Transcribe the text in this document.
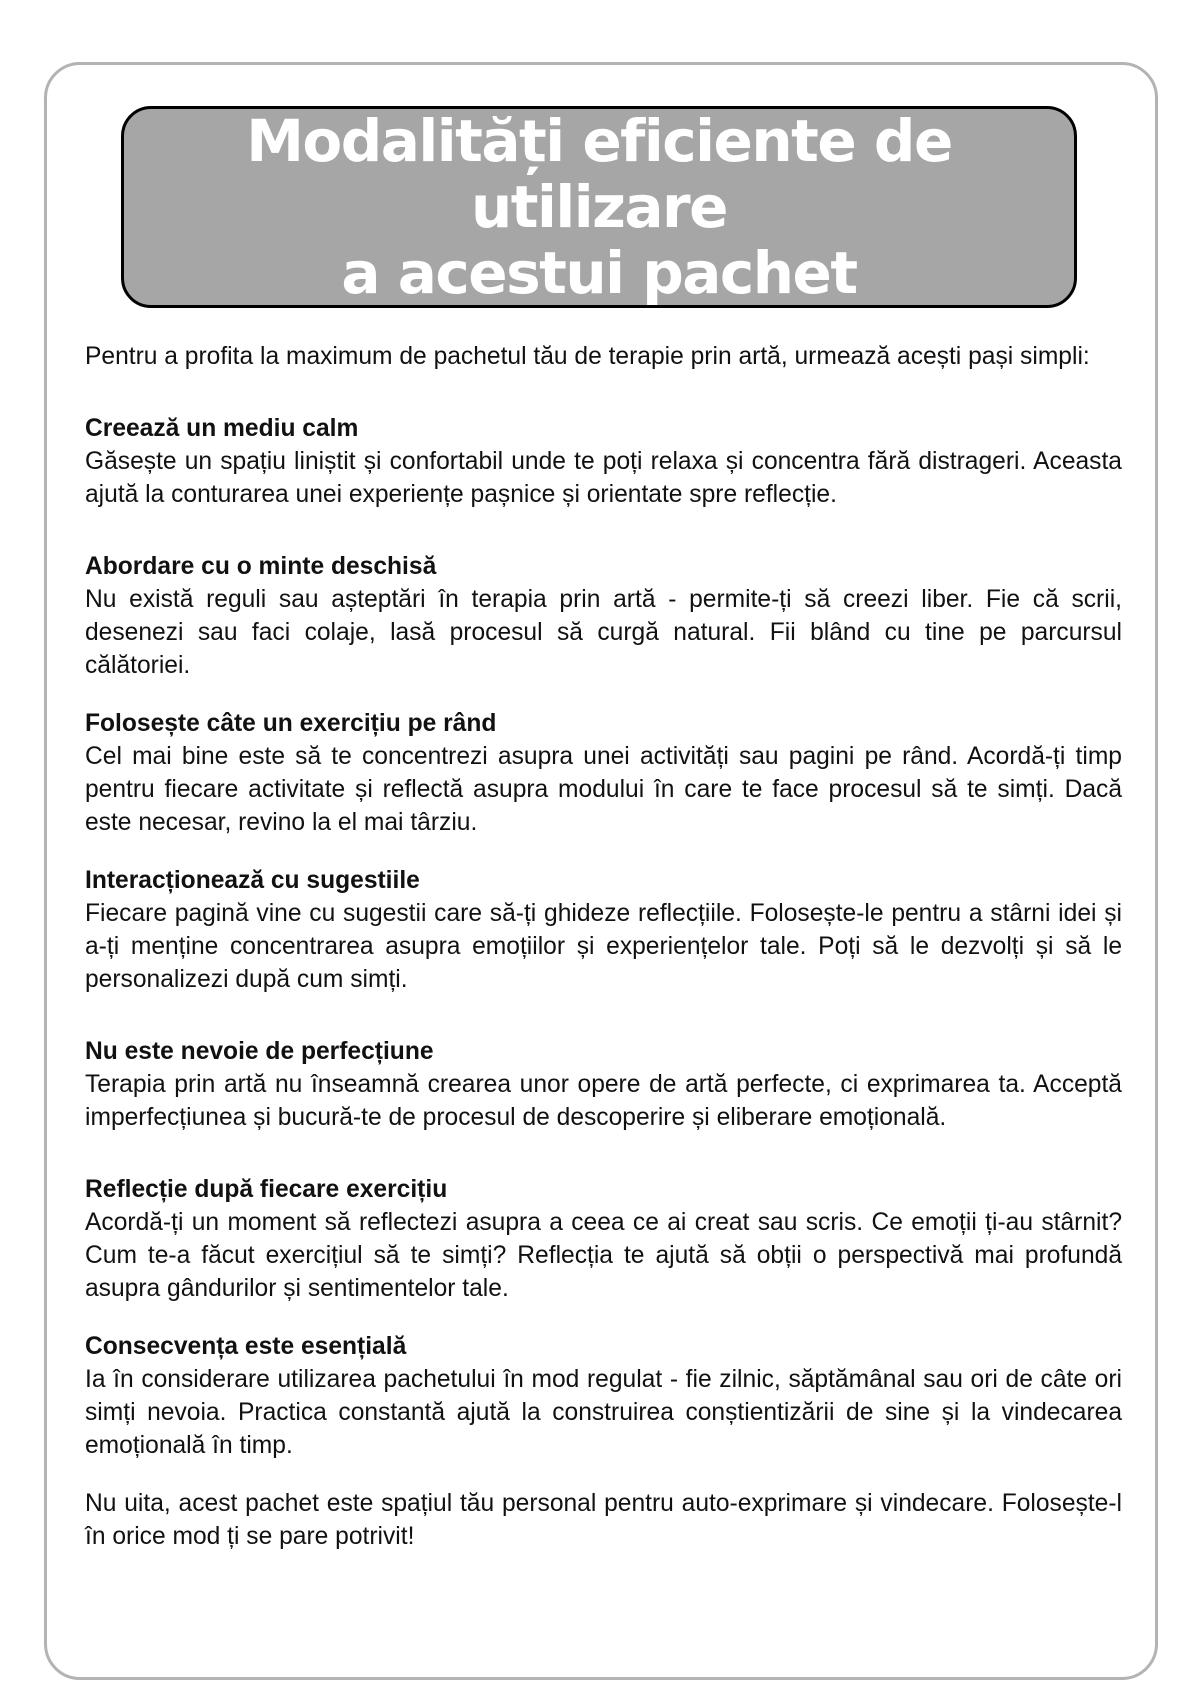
Modalități eficiente de utilizare
a acestui pachet

Pentru a profita la maximum de pachetul tău de terapie prin artă, urmează acești pași simpli:

Creează un mediu calm

Găsește un spațiu liniștit și confortabil unde te poți relaxa și concentra fără distrageri. Aceasta ajută la conturarea unei experiențe pașnice și orientate spre reflecție.

Abordare cu o minte deschisă

Nu există reguli sau așteptări în terapia prin artă - permite-ți să creezi liber. Fie că scrii, desenezi sau faci colaje, lasă procesul să curgă natural. Fii blând cu tine pe parcursul călătoriei.

Folosește câte un exercițiu pe rând

Cel mai bine este să te concentrezi asupra unei activități sau pagini pe rând. Acordă-ți timp pentru fiecare activitate și reflectă asupra modului în care te face procesul să te simți. Dacă este necesar, revino la el mai târziu.

Interacționează cu sugestiile

Fiecare pagină vine cu sugestii care să-ți ghideze reflecțiile. Folosește-le pentru a stârni idei și a-ți menține concentrarea asupra emoțiilor și experiențelor tale. Poți să le dezvolți și să le personalizezi după cum simți.

Nu este nevoie de perfecțiune

Terapia prin artă nu înseamnă crearea unor opere de artă perfecte, ci exprimarea ta. Acceptă imperfecțiunea și bucură-te de procesul de descoperire și eliberare emoțională.

Reflecție după fiecare exercițiu

Acordă-ți un moment să reflectezi asupra a ceea ce ai creat sau scris. Ce emoții ți-au stârnit? Cum te-a făcut exercițiul să te simți? Reflecția te ajută să obții o perspectivă mai profundă asupra gândurilor și sentimentelor tale.

Consecvența este esențială

Ia în considerare utilizarea pachetului în mod regulat - fie zilnic, săptămânal sau ori de câte ori simți nevoia. Practica constantă ajută la construirea conștientizării de sine și la vindecarea emoțională în timp.

Nu uita, acest pachet este spațiul tău personal pentru auto-exprimare și vindecare. Folosește-l în orice mod ți se pare potrivit!
